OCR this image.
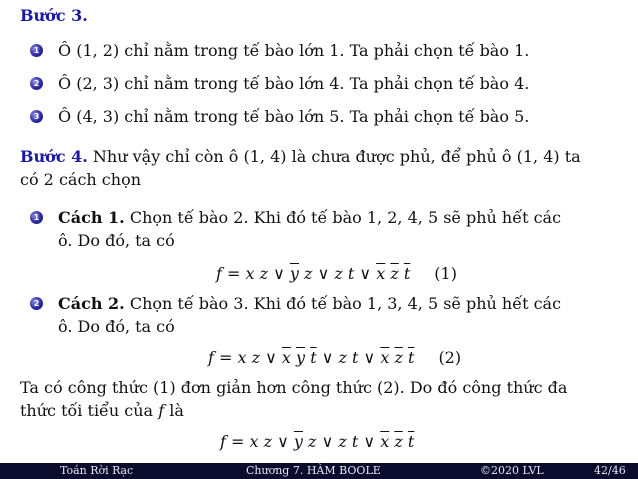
Bước 3.
1 Ô (1, 2) chỉ nằm trong tế bào lớn 1. Ta phải chọn tế bào 1.
2 Ô (2, 3) chỉ nằm trong tế bào lớn 4. Ta phải chọn tế bào 4.
3 Ô (4, 3) chỉ nằm trong tế bào lớn 5. Ta phải chọn tế bào 5.
Bước 4. Như vậy chỉ còn ô (1, 4) là chưa được phủ, để phủ ô (1, 4) ta
có 2 cách chọn
1 Cách 1. Chọn tế bào 2. Khi đó tế bào 1, 2, 4, 5 sẽ phủ hết các
ô. Do đó, ta có
f = x z ∨ $\overline{y}$ z ∨ z t ∨ $\overline{x}$ $\overline{z}$ $\overline{t}$ (1)
2 Cách 2. Chọn tế bào 3. Khi đó tế bào 1, 3, 4, 5 sẽ phủ hết các
ô. Do đó, ta có
f = x z ∨ $\overline{x}$ $\overline{y}$ $\overline{t}$ ∨ z t ∨ $\overline{x}$ $\overline{z}$ $\overline{t}$ (2)
Ta có công thức (1) đơn giản hơn công thức (2). Do đó công thức đa
thức tối tiểu của f là
f = x z ∨ $\overline{y}$ z ∨ z t ∨ $\overline{x}$ $\overline{z}$ $\overline{t}$
Toán Rời Rạc	Chương 7. HÀM BOOLE	©2020 LVL	42/46
